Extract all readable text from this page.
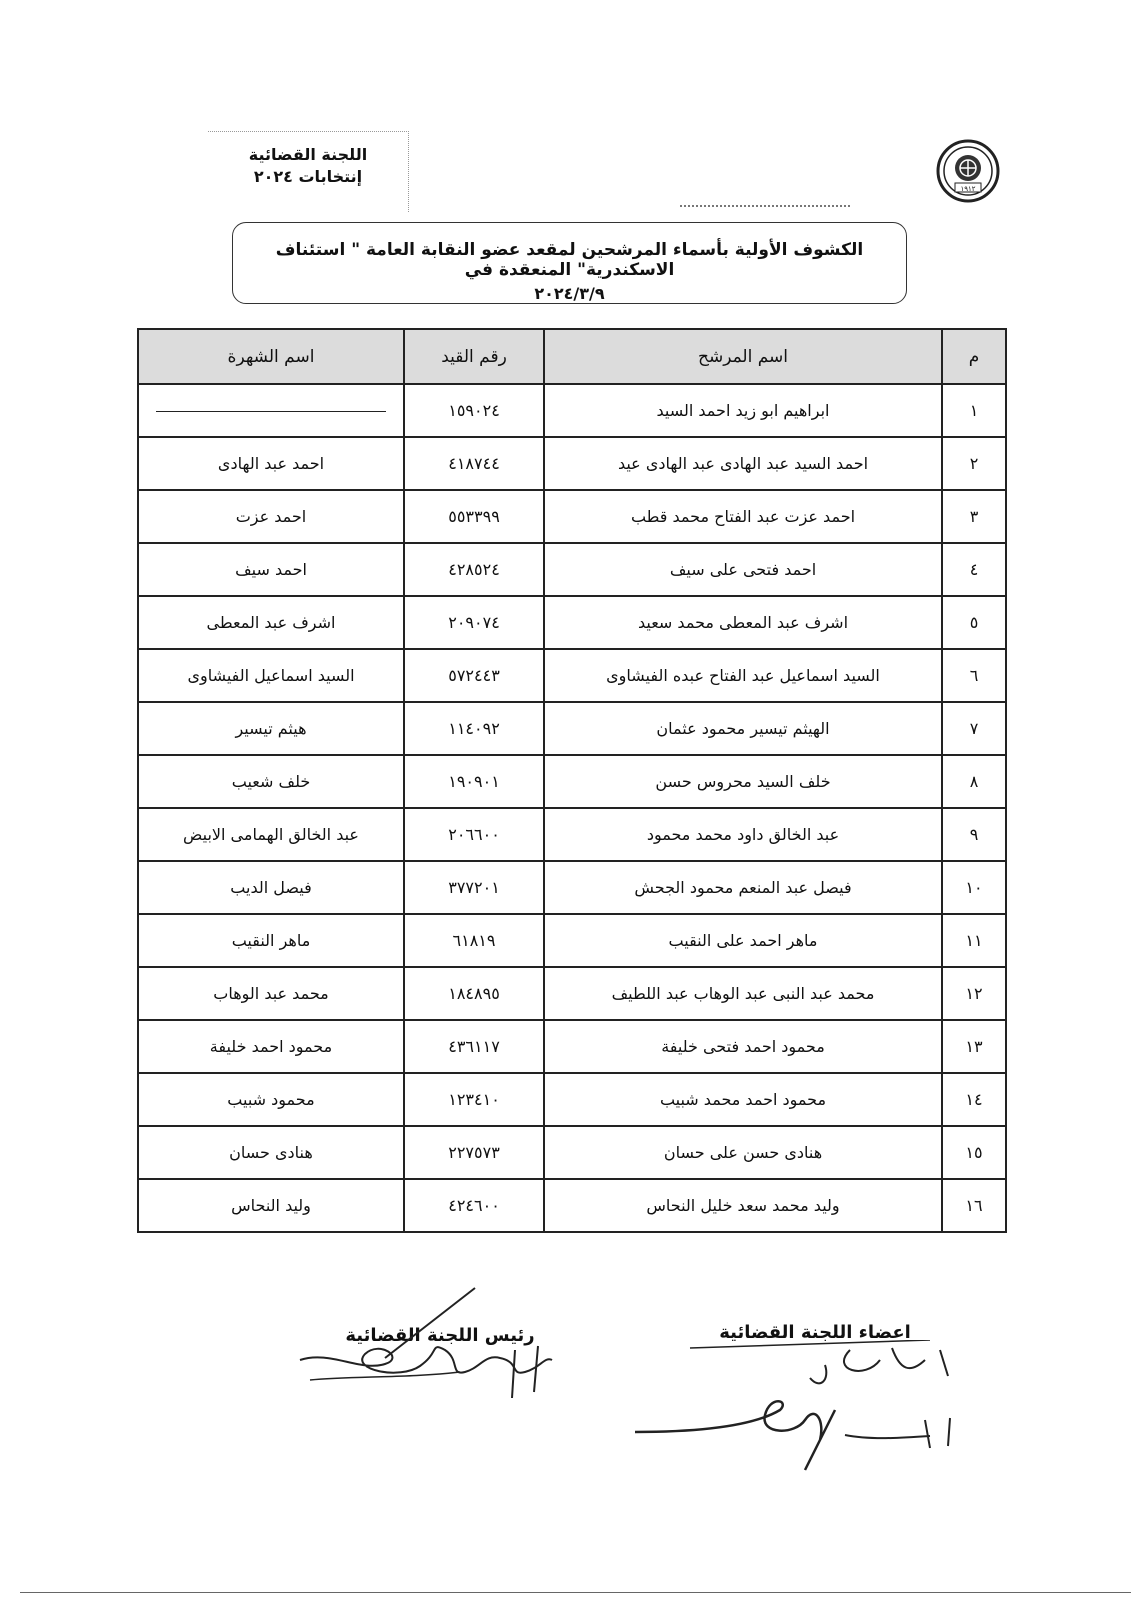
اللجنة القضائية
إنتخابات ٢٠٢٤
١٩١٢
الكشوف الأولية بأسماء المرشحين لمقعد عضو النقابة العامة " استئناف الاسكندرية" المنعقدة في
٢٠٢٤/٣/٩
م	اسم المرشح	رقم القيد	اسم الشهرة
١	ابراهيم ابو زيد احمد السيد	١٥٩٠٢٤	
٢	احمد السيد عبد الهادى عبد الهادى عيد	٤١٨٧٤٤	احمد عبد الهادى
٣	احمد عزت عبد الفتاح محمد قطب	٥٥٣٣٩٩	احمد عزت
٤	احمد فتحى على سيف	٤٢٨٥٢٤	احمد سيف
٥	اشرف عبد المعطى محمد سعيد	٢٠٩٠٧٤	اشرف عبد المعطى
٦	السيد اسماعيل عبد الفتاح عبده الفيشاوى	٥٧٢٤٤٣	السيد اسماعيل الفيشاوى
٧	الهيثم تيسير محمود عثمان	١١٤٠٩٢	هيثم تيسير
٨	خلف السيد محروس حسن	١٩٠٩٠١	خلف شعيب
٩	عبد الخالق داود محمد محمود	٢٠٦٦٠٠	عبد الخالق الهمامى الابيض
١٠	فيصل عبد المنعم محمود الجحش	٣٧٧٢٠١	فيصل الديب
١١	ماهر احمد على النقيب	٦١٨١٩	ماهر النقيب
١٢	محمد عبد النبى عبد الوهاب عبد اللطيف	١٨٤٨٩٥	محمد عبد الوهاب
١٣	محمود احمد فتحى خليفة	٤٣٦١١٧	محمود احمد خليفة
١٤	محمود احمد محمد شبيب	١٢٣٤١٠	محمود شبيب
١٥	هنادى حسن على حسان	٢٢٧٥٧٣	هنادى حسان
١٦	وليد محمد سعد خليل النحاس	٤٢٤٦٠٠	وليد النحاس
رئيس اللجنة القضائية	اعضاء اللجنة القضائية
